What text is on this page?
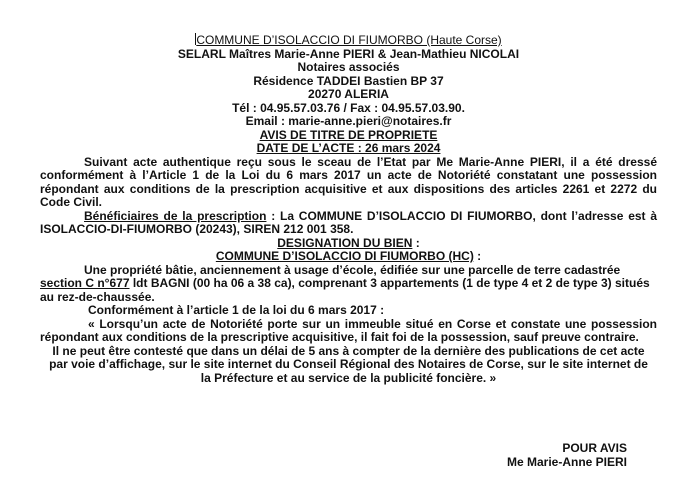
COMMUNE D’ISOLACCIO DI FIUMORBO (Haute Corse)

SELARL Maîtres Marie-Anne PIERI & Jean-Mathieu NICOLAI

Notaires associés

Résidence TADDEI Bastien BP 37

20270 ALERIA

Tél : 04.95.57.03.76 / Fax : 04.95.57.03.90.

Email : marie-anne.pieri@notaires.fr

AVIS DE TITRE DE PROPRIETE

DATE DE L’ACTE : 26 mars 2024

Suivant acte authentique reçu sous le sceau de l’Etat par Me Marie-Anne PIERI, il a été dressé conformément à l’Article 1 de la Loi du 6 mars 2017 un acte de Notoriété constatant une possession répondant aux conditions de la prescription acquisitive et aux dispositions des articles 2261 et 2272 du Code Civil.

Bénéficiaires de la prescription : La COMMUNE D’ISOLACCIO DI FIUMORBO, dont l’adresse est à ISOLACCIO-DI-FIUMORBO (20243), SIREN 212 001 358.

DESIGNATION DU BIEN :

COMMUNE D’ISOLACCIO DI FIUMORBO (HC) :

Une propriété bâtie, anciennement à usage d’école, édifiée sur une parcelle de terre cadastrée section C n°677 ldt BAGNI (00 ha 06 a 38 ca), comprenant 3 appartements (1 de type 4 et 2 de type 3) situés au rez-de-chaussée.

Conformément à l’article 1 de la loi du 6 mars 2017 :

« Lorsqu’un acte de Notoriété porte sur un immeuble situé en Corse et constate une possession répondant aux conditions de la prescriptive acquisitive, il fait foi de la possession, sauf preuve contraire.

Il ne peut être contesté que dans un délai de 5 ans à compter de la dernière des publications de cet acte par voie d’affichage, sur le site internet du Conseil Régional des Notaires de Corse, sur le site internet de la Préfecture et au service de la publicité foncière. »

POUR AVIS
Me Marie-Anne PIERI
